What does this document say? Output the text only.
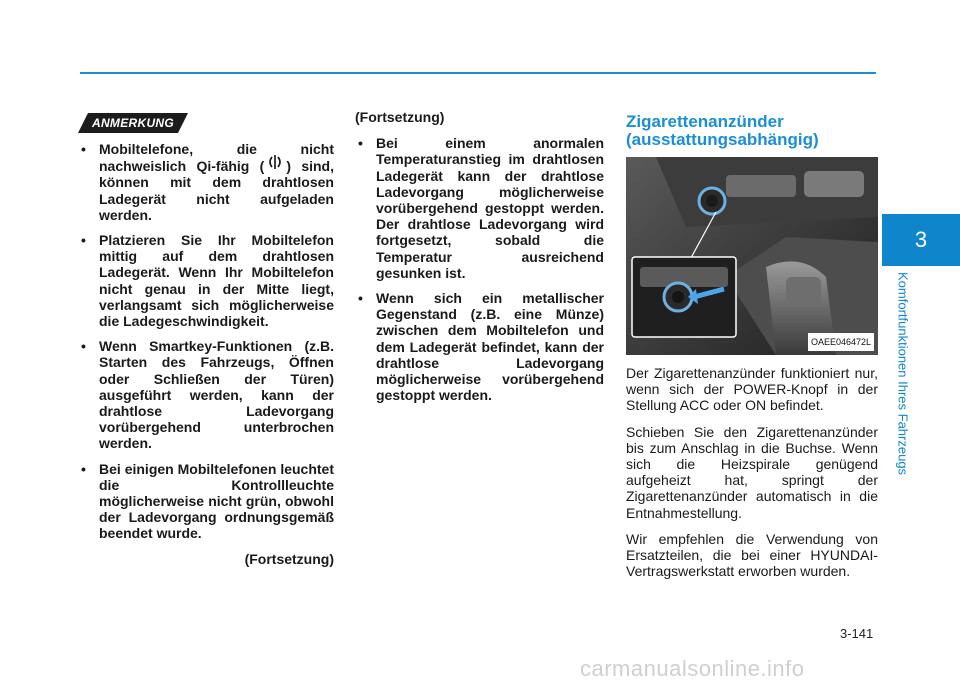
3
Komfortfunktionen Ihres Fahrzeugs
ANMERKUNG
• Mobiltelefone, die nicht nachweislich Qi-fähig ( ) sind, können mit dem drahtlosen Ladegerät nicht aufgeladen werden.
• Platzieren Sie Ihr Mobiltelefon mittig auf dem drahtlosen Ladegerät. Wenn Ihr Mobiltelefon nicht genau in der Mitte liegt, verlangsamt sich möglicherweise die Ladegeschwindigkeit.
• Wenn Smartkey-Funktionen (z.B. Starten des Fahrzeugs, Öffnen oder Schließen der Türen) ausgeführt werden, kann der drahtlose Ladevorgang vorübergehend unterbrochen werden.
• Bei einigen Mobiltelefonen leuchtet die Kontrollleuchte möglicherweise nicht grün, obwohl der Ladevorgang ordnungsgemäß beendet wurde.
(Fortsetzung)
(Fortsetzung)
• Bei einem anormalen Temperaturanstieg im drahtlosen Ladegerät kann der drahtlose Ladevorgang möglicherweise vorübergehend gestoppt werden. Der drahtlose Ladevorgang wird fortgesetzt, sobald die Temperatur ausreichend gesunken ist.
• Wenn sich ein metallischer Gegenstand (z.B. eine Münze) zwischen dem Mobiltelefon und dem Ladegerät befindet, kann der drahtlose Ladevorgang möglicherweise vorübergehend gestoppt werden.
Zigarettenanzünder
(ausstattungsabhängig)
OAEE046472L

Der Zigarettenanzünder funktioniert nur, wenn sich der POWER-Knopf in der Stellung ACC oder ON befindet.

Schieben Sie den Zigarettenanzünder bis zum Anschlag in die Buchse. Wenn sich die Heizspirale genügend aufgeheizt hat, springt der Zigarettenanzünder automatisch in die Entnahmestellung.

Wir empfehlen die Verwendung von Ersatzteilen, die bei einer HYUNDAI-Vertragswerkstatt erworben wurden.

3-141
carmanualsonline.info
